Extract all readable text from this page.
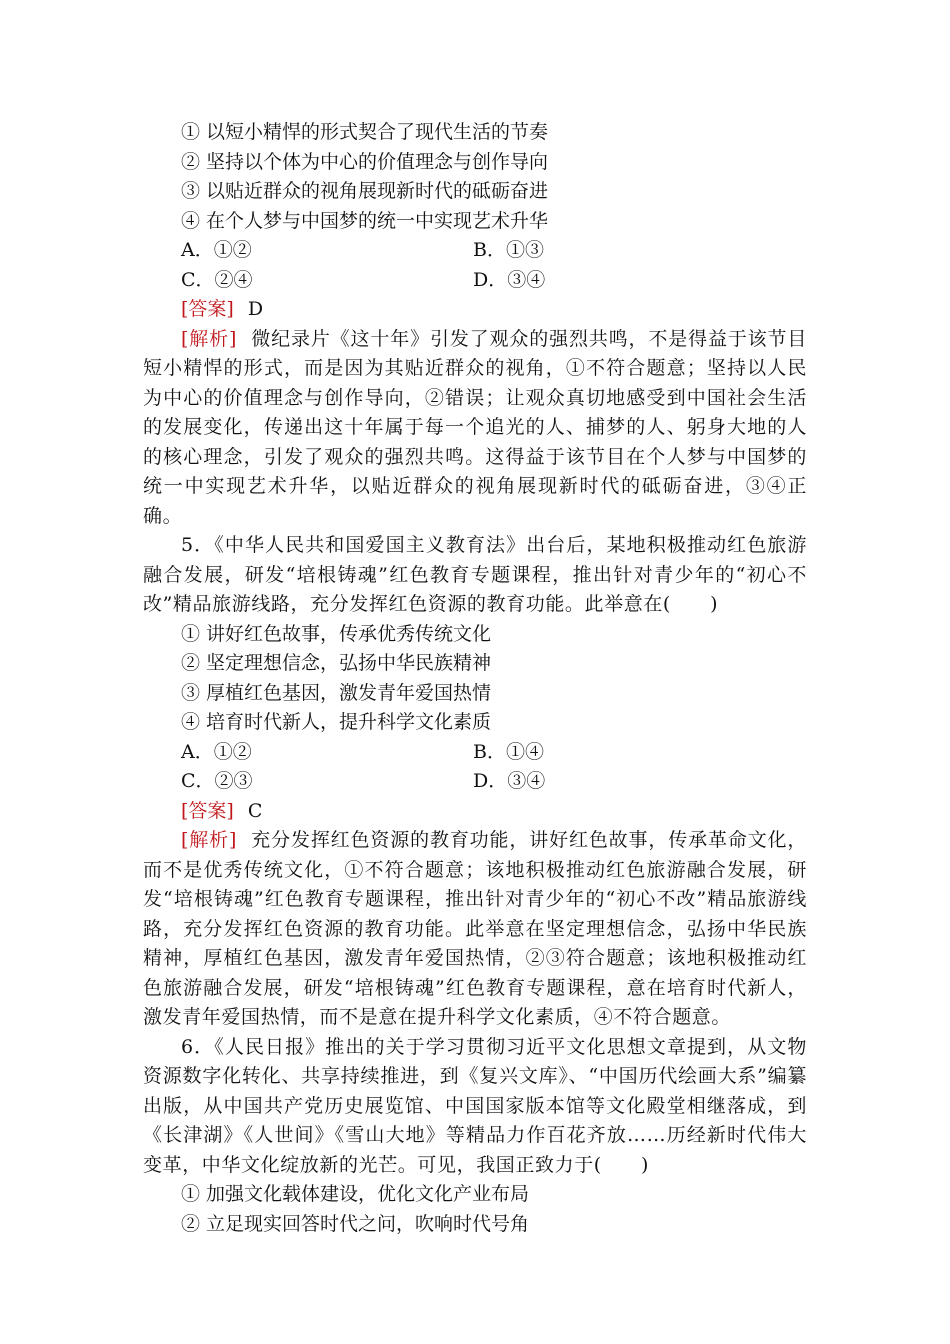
① 以短小精悍的形式契合了现代生活的节奏
② 坚持以个体为中心的价值理念与创作导向
③ 以贴近群众的视角展现新时代的砥砺奋进
④ 在个人梦与中国梦的统一中实现艺术升华
A．①②	B．①③
C．②④	D．③④
[答案] D
[解析] 微纪录片《这十年》引发了观众的强烈共鸣，不是得益于该节目短小精悍的形式，而是因为其贴近群众的视角，①不符合题意；坚持以人民为中心的价值理念与创作导向，②错误；让观众真切地感受到中国社会生活的发展变化，传递出这十年属于每一个追光的人、捕梦的人、躬身大地的人的核心理念，引发了观众的强烈共鸣。这得益于该节目在个人梦与中国梦的统一中实现艺术升华，以贴近群众的视角展现新时代的砥砺奋进，③④正确。
5．《中华人民共和国爱国主义教育法》出台后，某地积极推动红色旅游融合发展，研发“培根铸魂”红色教育专题课程，推出针对青少年的“初心不改”精品旅游线路，充分发挥红色资源的教育功能。此举意在(　　)
① 讲好红色故事，传承优秀传统文化
② 坚定理想信念，弘扬中华民族精神
③ 厚植红色基因，激发青年爱国热情
④ 培育时代新人，提升科学文化素质
A．①②	B．①④
C．②③	D．③④
[答案] C
[解析] 充分发挥红色资源的教育功能，讲好红色故事，传承革命文化，而不是优秀传统文化，①不符合题意；该地积极推动红色旅游融合发展，研发“培根铸魂”红色教育专题课程，推出针对青少年的“初心不改”精品旅游线路，充分发挥红色资源的教育功能。此举意在坚定理想信念，弘扬中华民族精神，厚植红色基因，激发青年爱国热情，②③符合题意；该地积极推动红色旅游融合发展，研发“培根铸魂”红色教育专题课程，意在培育时代新人，激发青年爱国热情，而不是意在提升科学文化素质，④不符合题意。
6．《人民日报》推出的关于学习贯彻习近平文化思想文章提到，从文物资源数字化转化、共享持续推进，到《复兴文库》、“中国历代绘画大系”编纂出版，从中国共产党历史展览馆、中国国家版本馆等文化殿堂相继落成，到《长津湖》《人世间》《雪山大地》等精品力作百花齐放……历经新时代伟大变革，中华文化绽放新的光芒。可见，我国正致力于(　　)
① 加强文化载体建设，优化文化产业布局
② 立足现实回答时代之问，吹响时代号角
